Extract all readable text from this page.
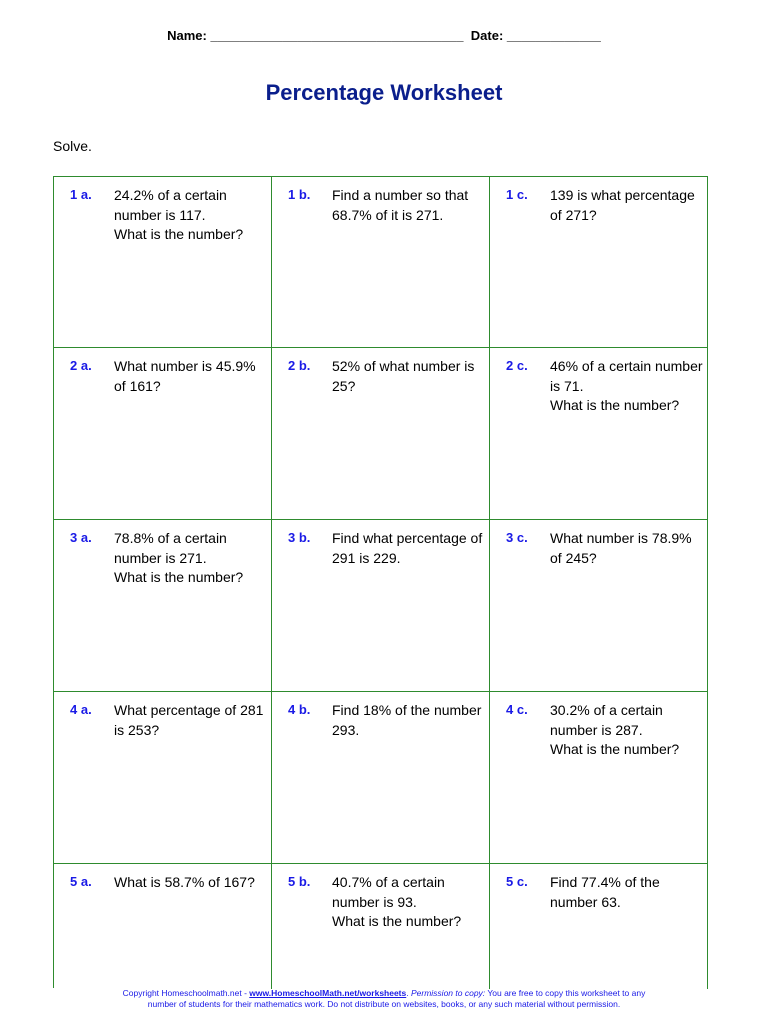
Name: ___________________________________ Date: _____________
Percentage Worksheet
Solve.
1 a. 24.2% of a certain
number is 117.
What is the number?
1 b. Find a number so that
68.7% of it is 271.
1 c. 139 is what percentage
of 271?
2 a. What number is 45.9%
of 161?
2 b. 52% of what number is
25?
2 c. 46% of a certain number
is 71.
What is the number?
3 a. 78.8% of a certain
number is 271.
What is the number?
3 b. Find what percentage of
291 is 229.
3 c. What number is 78.9%
of 245?
4 a. What percentage of 281
is 253?
4 b. Find 18% of the number
293.
4 c. 30.2% of a certain
number is 287.
What is the number?
5 a. What is 58.7% of 167?	5 b. 40.7% of a certain
number is 93.
What is the number?
5 c. Find 77.4% of the
number 63.
Copyright Homeschoolmath.net - www.HomeschoolMath.net/worksheets. Permission to copy: You are free to copy this worksheet to any
number of students for their mathematics work. Do not distribute on websites, books, or any such material without permission.
